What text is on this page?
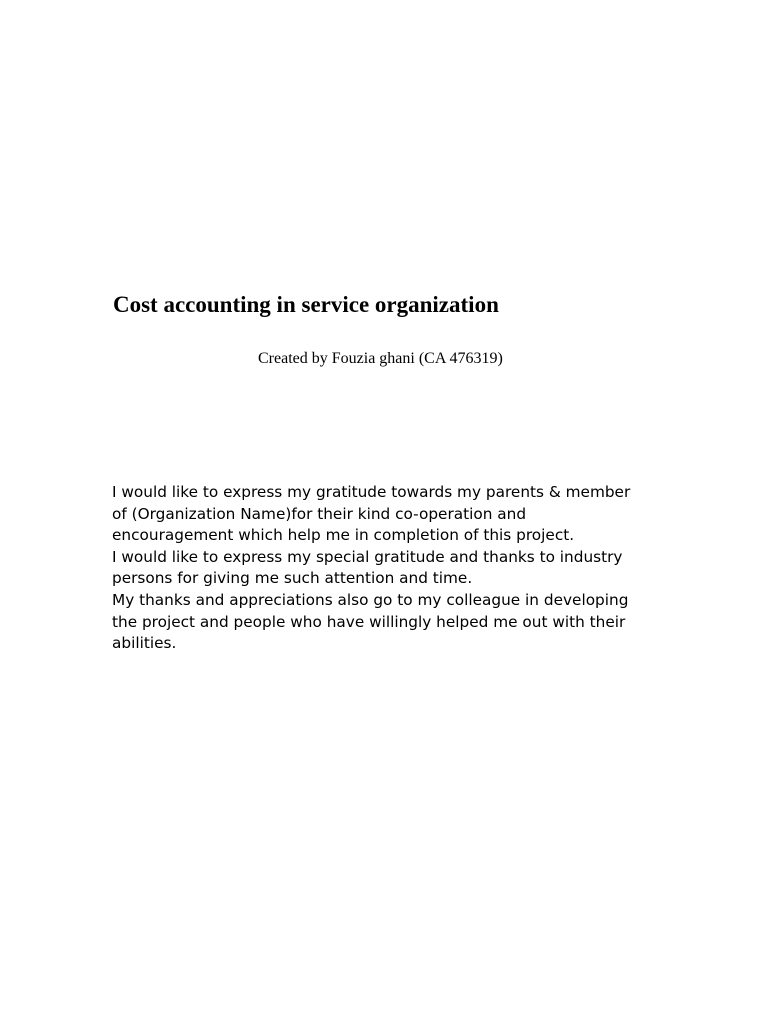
Cost accounting in service organization

Created by Fouzia ghani (CA 476319)

I would like to express my gratitude towards my parents & member
of (Organization Name)for their kind co-operation and
encouragement which help me in completion of this project.
I would like to express my special gratitude and thanks to industry
persons for giving me such attention and time.
My thanks and appreciations also go to my colleague in developing
the project and people who have willingly helped me out with their
abilities.
